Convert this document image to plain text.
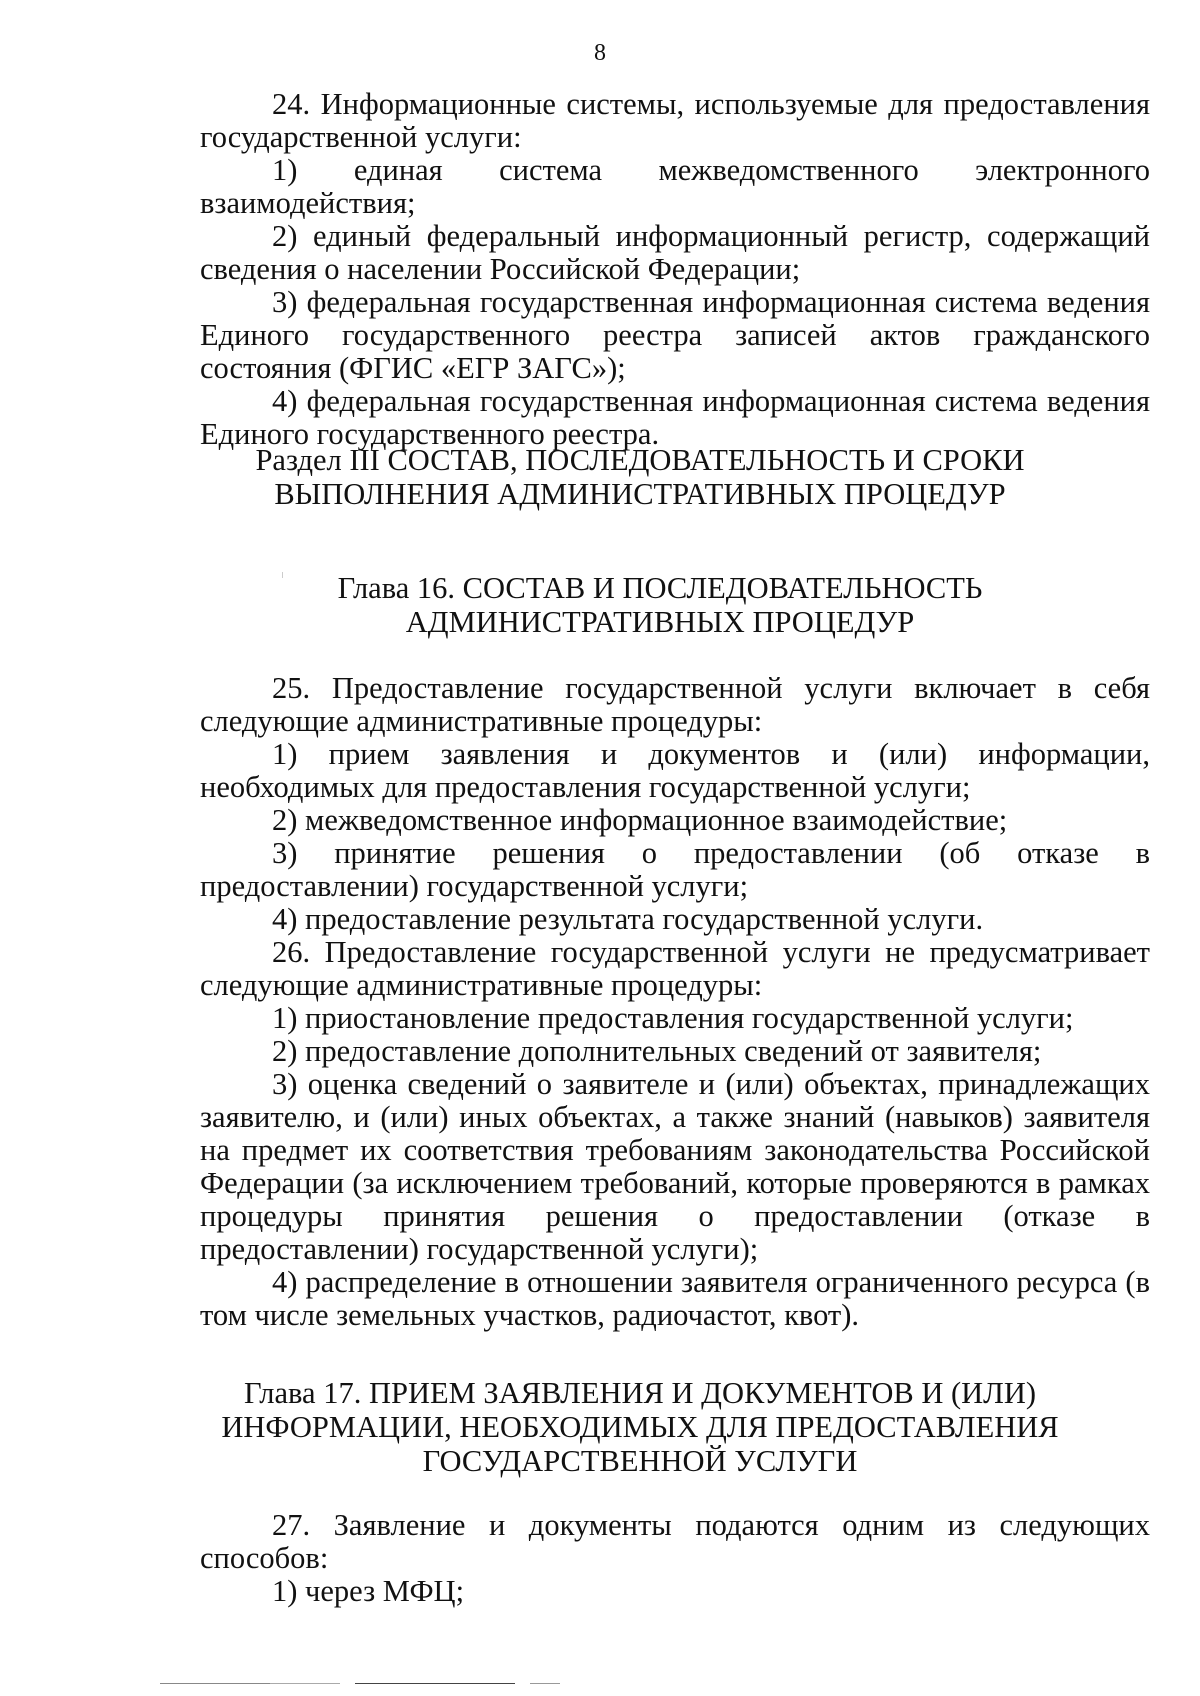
8

24. Информационные системы, используемые для предоставления государственной услуги:

1) единая система межведомственного электронного взаимодействия;

2) единый федеральный информационный регистр, содержащий сведения о населении Российской Федерации;

3) федеральная государственная информационная система ведения Единого государственного реестра записей актов гражданского состояния (ФГИС «ЕГР ЗАГС»);

4) федеральная государственная информационная система ведения Единого государственного реестра.

Раздел III СОСТАВ, ПОСЛЕДОВАТЕЛЬНОСТЬ И СРОКИ
ВЫПОЛНЕНИЯ АДМИНИСТРАТИВНЫХ ПРОЦЕДУР
Глава 16. СОСТАВ И ПОСЛЕДОВАТЕЛЬНОСТЬ
АДМИНИСТРАТИВНЫХ ПРОЦЕДУР

25. Предоставление государственной услуги включает в себя следующие административные процедуры:

1) прием заявления и документов и (или) информации, необходимых для предоставления государственной услуги;

2) межведомственное информационное взаимодействие;

3) принятие решения о предоставлении (об отказе в предоставлении) государственной услуги;

4) предоставление результата государственной услуги.

26. Предоставление государственной услуги не предусматривает следующие административные процедуры:

1) приостановление предоставления государственной услуги;

2) предоставление дополнительных сведений от заявителя;

3) оценка сведений о заявителе и (или) объектах, принадлежащих заявителю, и (или) иных объектах, а также знаний (навыков) заявителя на предмет их соответствия требованиям законодательства Российской Федерации (за исключением требований, которые проверяются в рамках процедуры принятия решения о предоставлении (отказе в предоставлении) государственной услуги);

4) распределение в отношении заявителя ограниченного ресурса (в том числе земельных участков, радиочастот, квот).

Глава 17. ПРИЕМ ЗАЯВЛЕНИЯ И ДОКУМЕНТОВ И (ИЛИ)
ИНФОРМАЦИИ, НЕОБХОДИМЫХ ДЛЯ ПРЕДОСТАВЛЕНИЯ
ГОСУДАРСТВЕННОЙ УСЛУГИ

27. Заявление и документы подаются одним из следующих способов:

1) через МФЦ;
